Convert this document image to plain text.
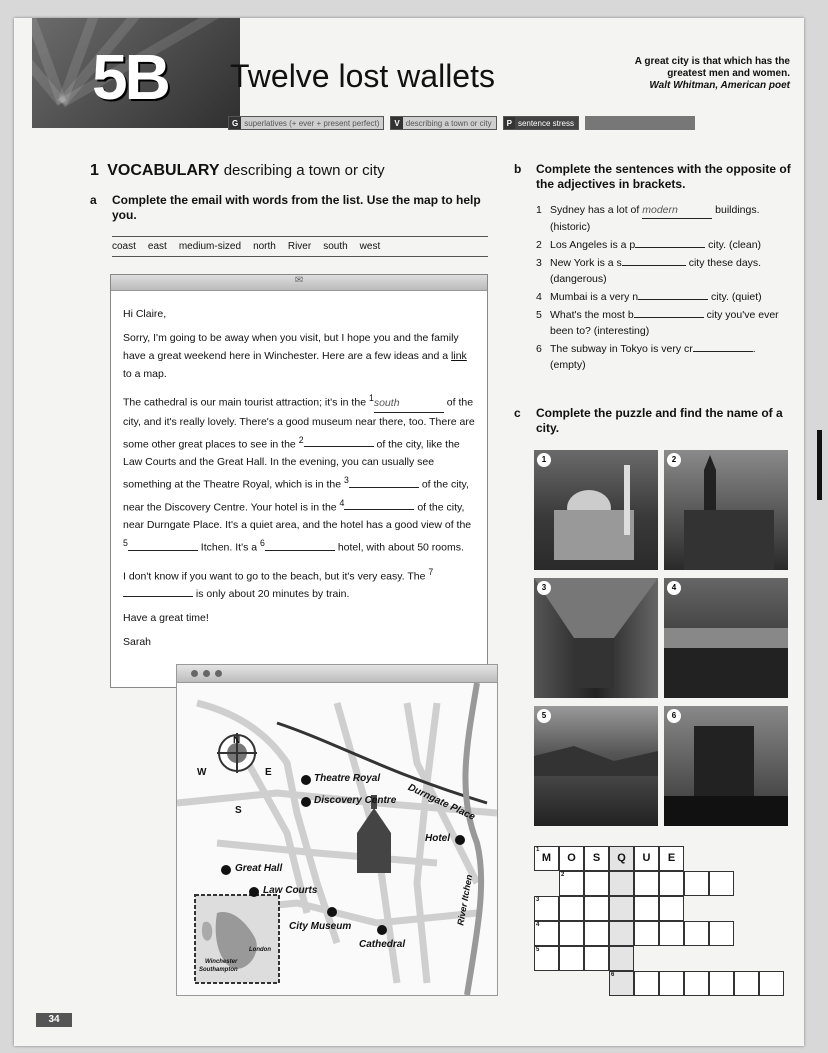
5B Twelve lost wallets	A great city is that which has the greatest men and women.
Walt Whitman, American poet
G superlatives (+ ever + present perfect)	V describing a town or city	P sentence stress
1 VOCABULARY describing a town or city
a Complete the email with words from the list. Use the map to help you.
coast east medium-sized north River south west
✉

Hi Claire,

Sorry, I'm going to be away when you visit, but I hope you and the family have a great weekend here in Winchester. Here are a few ideas and a link to a map.

The cathedral is our main tourist attraction; it's in the $^1$south	of the city, and it's really lovely. There's a good museum near there, too. There are some other great places to see in the $^2$	of the city, like the Law Courts and the Great Hall. In the evening, you can usually see something at the Theatre Royal, which is in the $^3$	of the city, near the Discovery Centre. Your hotel is in the $^4$	of the city, near Durngate Place. It's a quiet area, and the hotel has a good view of the $^5$	Itchen. It's a $^6$	hotel, with about 50 rooms.

I don't know if you want to go to the beach, but it's very easy. The $^7$ is only about 20 minutes by train.

Have a great time!

Sarah

N
W	E
S
Theatre Royal
Discovery Centre Durngate Place
Hotel
Great Hall
Law Courts
City Museum
Cathedral
River Itchen
London
Winchester
Southampton
b Complete the sentences with the opposite of the adjectives in brackets.
1 Sydney has a lot of modern	buildings. (historic)
2 Los Angeles is a p	city. (clean)
3 New York is a s	city these days. (dangerous)
4 Mumbai is a very n	city. (quiet)
5 What's the most b	city you've ever been to? (interesting)
6 The subway in Tokyo is very cr	. (empty)
c Complete the puzzle and find the name of a city.
1	2
3	4
5	6
1
M	O	S	Q	U	E
2
3
4
5
6
34
